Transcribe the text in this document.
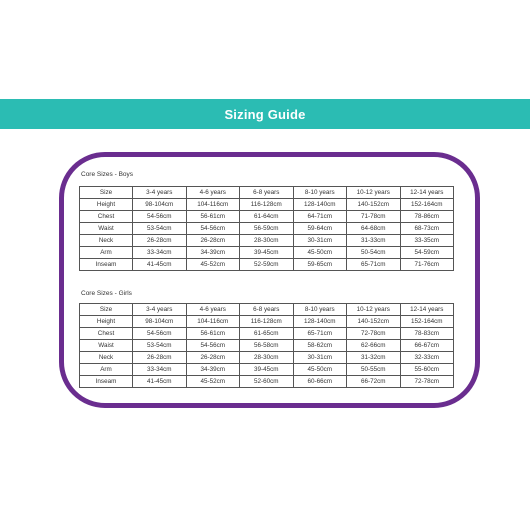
Sizing Guide
Core Sizes - Boys
Size	3-4 years	4-6 years	6-8 years	8-10 years	10-12 years	12-14 years
Height	98-104cm	104-116cm	116-128cm	128-140cm	140-152cm	152-164cm
Chest	54-56cm	56-61cm	61-64cm	64-71cm	71-78cm	78-86cm
Waist	53-54cm	54-56cm	56-59cm	59-64cm	64-68cm	68-73cm
Neck	26-28cm	26-28cm	28-30cm	30-31cm	31-33cm	33-35cm
Arm	33-34cm	34-39cm	39-45cm	45-50cm	50-54cm	54-59cm
Inseam	41-45cm	45-52cm	52-59cm	59-65cm	65-71cm	71-76cm
Core Sizes - Girls
Size	3-4 years	4-6 years	6-8 years	8-10 years	10-12 years	12-14 years
Height	98-104cm	104-116cm	116-128cm	128-140cm	140-152cm	152-164cm
Chest	54-56cm	56-61cm	61-65cm	65-71cm	72-78cm	78-83cm
Waist	53-54cm	54-56cm	56-58cm	58-62cm	62-66cm	66-67cm
Neck	26-28cm	26-28cm	28-30cm	30-31cm	31-32cm	32-33cm
Arm	33-34cm	34-39cm	39-45cm	45-50cm	50-55cm	55-60cm
Inseam	41-45cm	45-52cm	52-60cm	60-66cm	66-72cm	72-78cm
